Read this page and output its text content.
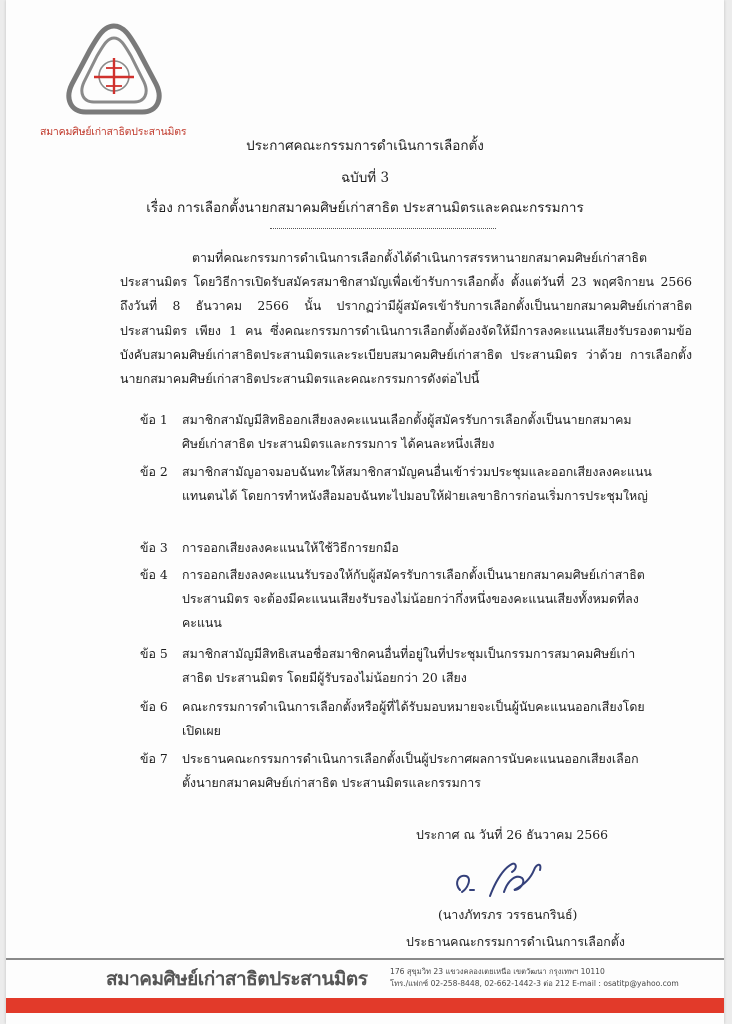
สมาคมศิษย์เก่าสาธิตประสานมิตร
ประกาศคณะกรรมการดำเนินการเลือกตั้ง
ฉบับที่ 3
เรื่อง การเลือกตั้งนายกสมาคมศิษย์เก่าสาธิต ประสานมิตรและคณะกรรมการ
ตามที่คณะกรรมการดำเนินการเลือกตั้งได้ดำเนินการสรรหานายกสมาคมศิษย์เก่าสาธิต ประสานมิตร โดยวิธีการเปิดรับสมัครสมาชิกสามัญเพื่อเข้ารับการเลือกตั้ง ตั้งแต่วันที่ 23 พฤศจิกายน 2566 ถึงวันที่ 8 ธันวาคม 2566 นั้น ปรากฏว่ามีผู้สมัครเข้ารับการเลือกตั้งเป็นนายกสมาคมศิษย์เก่าสาธิต ประสานมิตร เพียง 1 คน ซึ่งคณะกรรมการดำเนินการเลือกตั้งต้องจัดให้มีการลงคะแนนเสียงรับรองตามข้อบังคับสมาคมศิษย์เก่าสาธิตประสานมิตรและระเบียบสมาคมศิษย์เก่าสาธิต ประสานมิตร ว่าด้วย การเลือกตั้งนายกสมาคมศิษย์เก่าสาธิตประสานมิตรและคณะกรรมการดังต่อไปนี้
ข้อ 1 สมาชิกสามัญมีสิทธิออกเสียงลงคะแนนเลือกตั้งผู้สมัครรับการเลือกตั้งเป็นนายกสมาคมศิษย์เก่าสาธิต ประสานมิตรและกรรมการ ได้คนละหนึ่งเสียง
ข้อ 2 สมาชิกสามัญอาจมอบฉันทะให้สมาชิกสามัญคนอื่นเข้าร่วมประชุมและออกเสียงลงคะแนนแทนตนได้ โดยการทำหนังสือมอบฉันทะไปมอบให้ฝ่ายเลขาธิการก่อนเริ่มการประชุมใหญ่
ข้อ 3 การออกเสียงลงคะแนนให้ใช้วิธีการยกมือ
ข้อ 4 การออกเสียงลงคะแนนรับรองให้กับผู้สมัครรับการเลือกตั้งเป็นนายกสมาคมศิษย์เก่าสาธิตประสานมิตร จะต้องมีคะแนนเสียงรับรองไม่น้อยกว่ากึ่งหนึ่งของคะแนนเสียงทั้งหมดที่ลงคะแนน
ข้อ 5 สมาชิกสามัญมีสิทธิเสนอชื่อสมาชิกคนอื่นที่อยู่ในที่ประชุมเป็นกรรมการสมาคมศิษย์เก่าสาธิต ประสานมิตร โดยมีผู้รับรองไม่น้อยกว่า 20 เสียง
ข้อ 6 คณะกรรมการดำเนินการเลือกตั้งหรือผู้ที่ได้รับมอบหมายจะเป็นผู้นับคะแนนออกเสียงโดยเปิดเผย
ข้อ 7 ประธานคณะกรรมการดำเนินการเลือกตั้งเป็นผู้ประกาศผลการนับคะแนนออกเสียงเลือกตั้งนายกสมาคมศิษย์เก่าสาธิต ประสานมิตรและกรรมการ
ประกาศ ณ วันที่ 26 ธันวาคม 2566
(นางภัทรภร วรรธนกรินธ์)
ประธานคณะกรรมการดำเนินการเลือกตั้ง
สมาคมศิษย์เก่าสาธิตประสานมิตร	176 สุขุมวิท 23 แขวงคลองเตยเหนือ เขตวัฒนา กรุงเทพฯ 10110
โทร./แฟกซ์ 02-258-8448, 02-662-1442-3 ต่อ 212 E-mail : osatitp@yahoo.com
